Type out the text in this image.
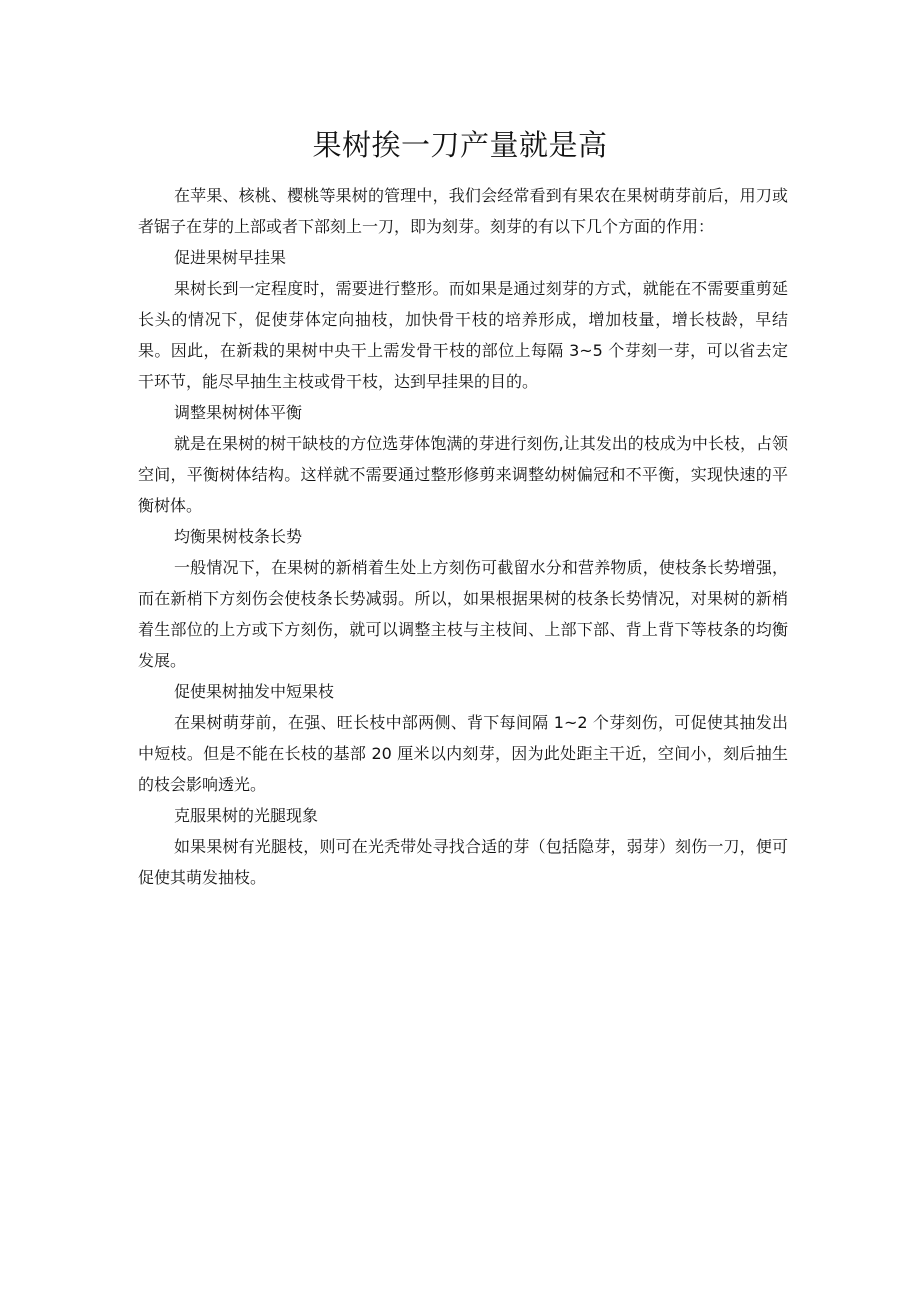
果树挨一刀产量就是高

在苹果、核桃、樱桃等果树的管理中，我们会经常看到有果农在果树萌芽前后，用刀或者锯子在芽的上部或者下部刻上一刀，即为刻芽。刻芽的有以下几个方面的作用：

促进果树早挂果

果树长到一定程度时，需要进行整形。而如果是通过刻芽的方式，就能在不需要重剪延长头的情况下，促使芽体定向抽枝，加快骨干枝的培养形成，增加枝量，增长枝龄，早结果。因此，在新栽的果树中央干上需发骨干枝的部位上每隔 3~5 个芽刻一芽，可以省去定干环节，能尽早抽生主枝或骨干枝，达到早挂果的目的。

调整果树树体平衡

就是在果树的树干缺枝的方位选芽体饱满的芽进行刻伤,让其发出的枝成为中长枝，占领空间，平衡树体结构。这样就不需要通过整形修剪来调整幼树偏冠和不平衡，实现快速的平衡树体。

均衡果树枝条长势

一般情况下，在果树的新梢着生处上方刻伤可截留水分和营养物质，使枝条长势增强，而在新梢下方刻伤会使枝条长势减弱。所以，如果根据果树的枝条长势情况，对果树的新梢着生部位的上方或下方刻伤，就可以调整主枝与主枝间、上部下部、背上背下等枝条的均衡发展。

促使果树抽发中短果枝

在果树萌芽前，在强、旺长枝中部两侧、背下每间隔 1~2 个芽刻伤，可促使其抽发出中短枝。但是不能在长枝的基部 20 厘米以内刻芽，因为此处距主干近，空间小，刻后抽生的枝会影响透光。

克服果树的光腿现象

如果果树有光腿枝，则可在光秃带处寻找合适的芽（包括隐芽，弱芽）刻伤一刀，便可促使其萌发抽枝。
